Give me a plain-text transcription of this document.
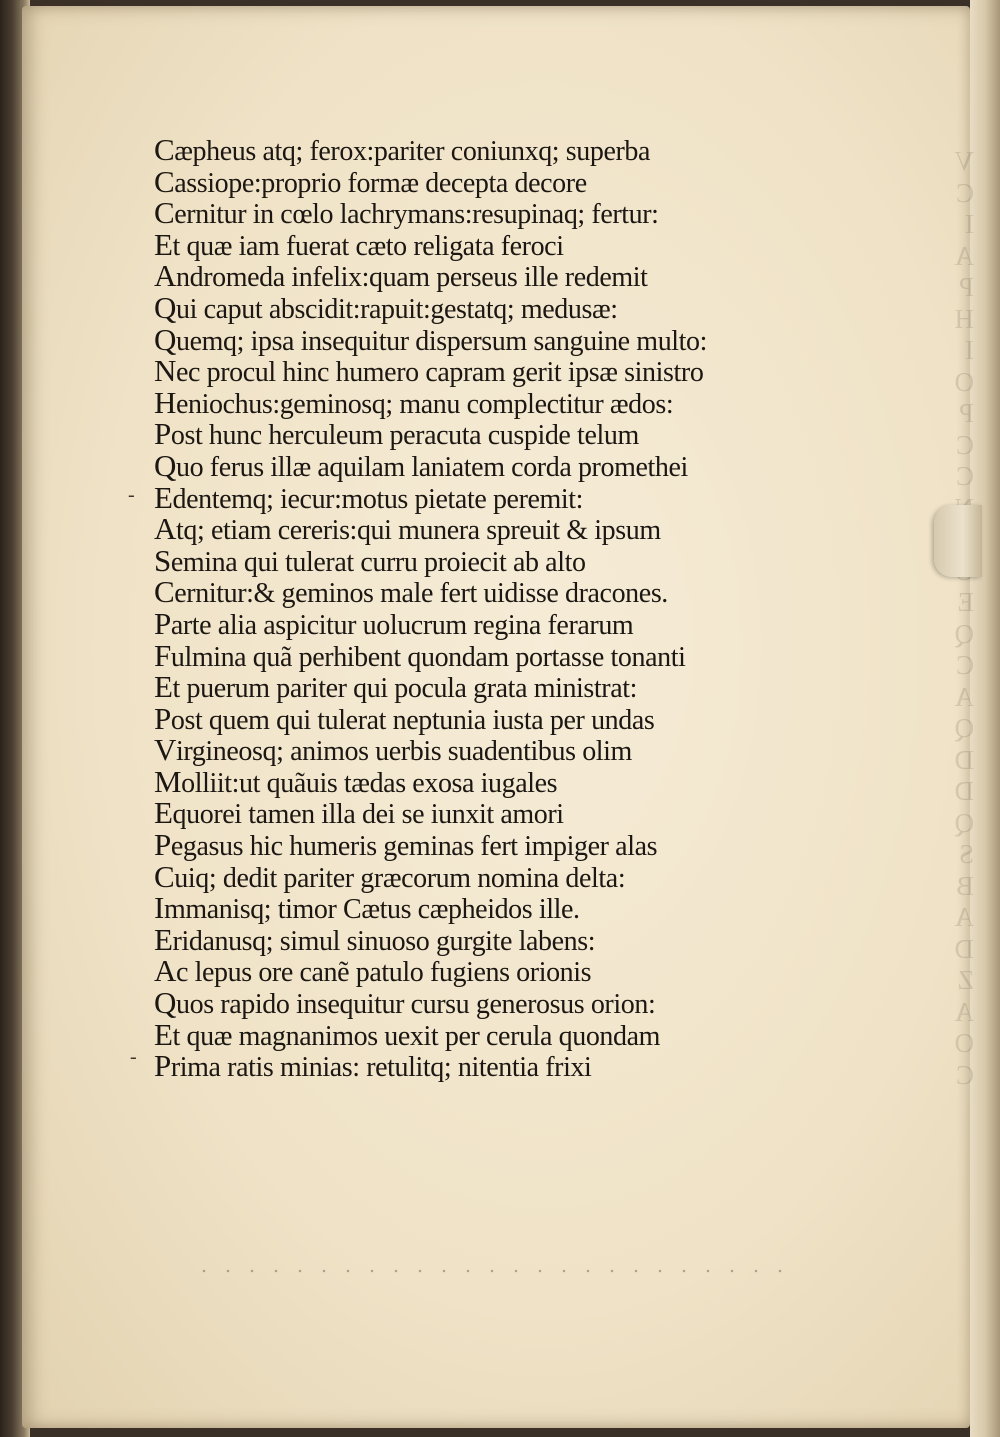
V
C
I
A
P
H
I
O
P
C
C
E
Q
C
A
Q
D
D
Q
S
B
A
D
Z
A
O
C
Cæpheus atq; ferox:pariter coniunxq; superba
Cassiope:proprio formæ decepta decore
Cernitur in cœlo lachrymans:resupinaq; fertur:
Et quæ iam fuerat cæto religata feroci
Andromeda infelix:quam perseus ille redemit
Qui caput abscidit:rapuit:gestatq; medusæ:
Quemq; ipsa insequitur dispersum sanguine multo:
Nec procul hinc humero capram gerit ipsæ sinistro
Heniochus:geminosq; manu complectitur ædos:
Post hunc herculeum peracuta cuspide telum
Quo ferus illæ aquilam laniatem corda promethei
Edentemq; iecur:motus pietate peremit:
Atq; etiam cereris:qui munera spreuit & ipsum
Semina qui tulerat curru proiecit ab alto
Cernitur:& geminos male fert uidisse dracones.
Parte alia aspicitur uolucrum regina ferarum
Fulmina quã perhibent quondam portasse tonanti
Et puerum pariter qui pocula grata ministrat:
Post quem qui tulerat neptunia iusta per undas
Virgineosq; animos uerbis suadentibus olim
Molliit:ut quãuis tædas exosa iugales
Equorei tamen illa dei se iunxit amori
Pegasus hic humeris geminas fert impiger alas
Cuiq; dedit pariter græcorum nomina delta:
Immanisq; timor Cætus cæpheidos ille.
Eridanusq; simul sinuoso gurgite labens:
Ac lepus ore canẽ patulo fugiens orionis
Quos rapido insequitur cursu generosus orion:
Et quæ magnanimos uexit per cerula quondam
Prima ratis minias: retulitq; nitentia frixi
-
-
